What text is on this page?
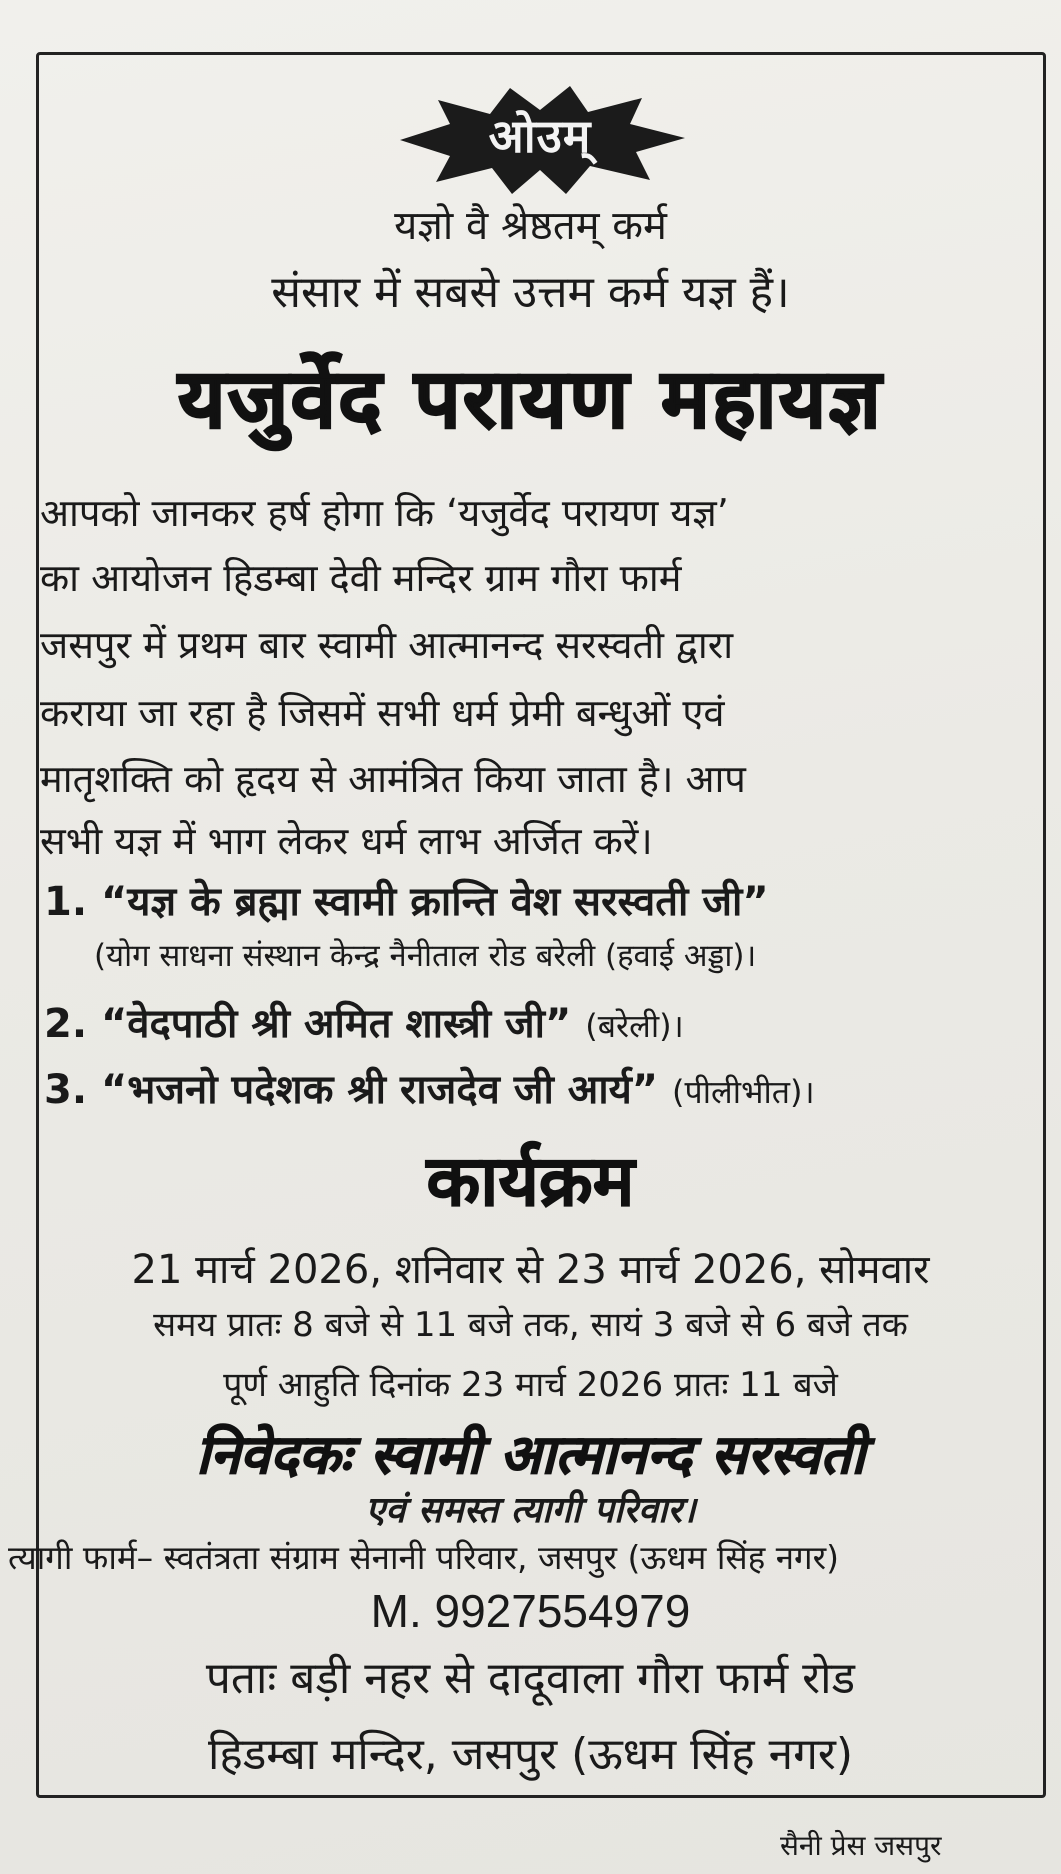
ओउम्
यज्ञो वै श्रेष्ठतम् कर्म
संसार में सबसे उत्तम कर्म यज्ञ हैं।
यजुर्वेद परायण महायज्ञ
आपको जानकर हर्ष होगा कि ‘यजुर्वेद परायण यज्ञ’
का आयोजन हिडम्बा देवी मन्दिर ग्राम गौरा फार्म
जसपुर में प्रथम बार स्वामी आत्मानन्द सरस्वती द्वारा
कराया जा रहा है जिसमें सभी धर्म प्रेमी बन्धुओं एवं
मातृशक्ति को हृदय से आमंत्रित किया जाता है। आप
सभी यज्ञ में भाग लेकर धर्म लाभ अर्जित करें।
1. “यज्ञ के ब्रह्मा स्वामी क्रान्ति वेश सरस्वती जी”
(योग साधना संस्थान केन्द्र नैनीताल रोड बरेली (हवाई अड्डा)।
2. “वेदपाठी श्री अमित शास्त्री जी” (बरेली)।
3. “भजनो पदेशक श्री राजदेव जी आर्य” (पीलीभीत)।
कार्यक्रम
21 मार्च 2026, शनिवार से 23 मार्च 2026, सोमवार
समय प्रातः 8 बजे से 11 बजे तक, सायं 3 बजे से 6 बजे तक
पूर्ण आहुति दिनांक 23 मार्च 2026 प्रातः 11 बजे
निवेदकः स्वामी आत्मानन्द सरस्वती
एवं समस्त त्यागी परिवार।
त्यागी फार्म– स्वतंत्रता संग्राम सेनानी परिवार, जसपुर (ऊधम सिंह नगर)
M. 9927554979
पताः बड़ी नहर से दादूवाला गौरा फार्म रोड
हिडम्बा मन्दिर, जसपुर (ऊधम सिंह नगर)
सैनी प्रेस जसपुर
